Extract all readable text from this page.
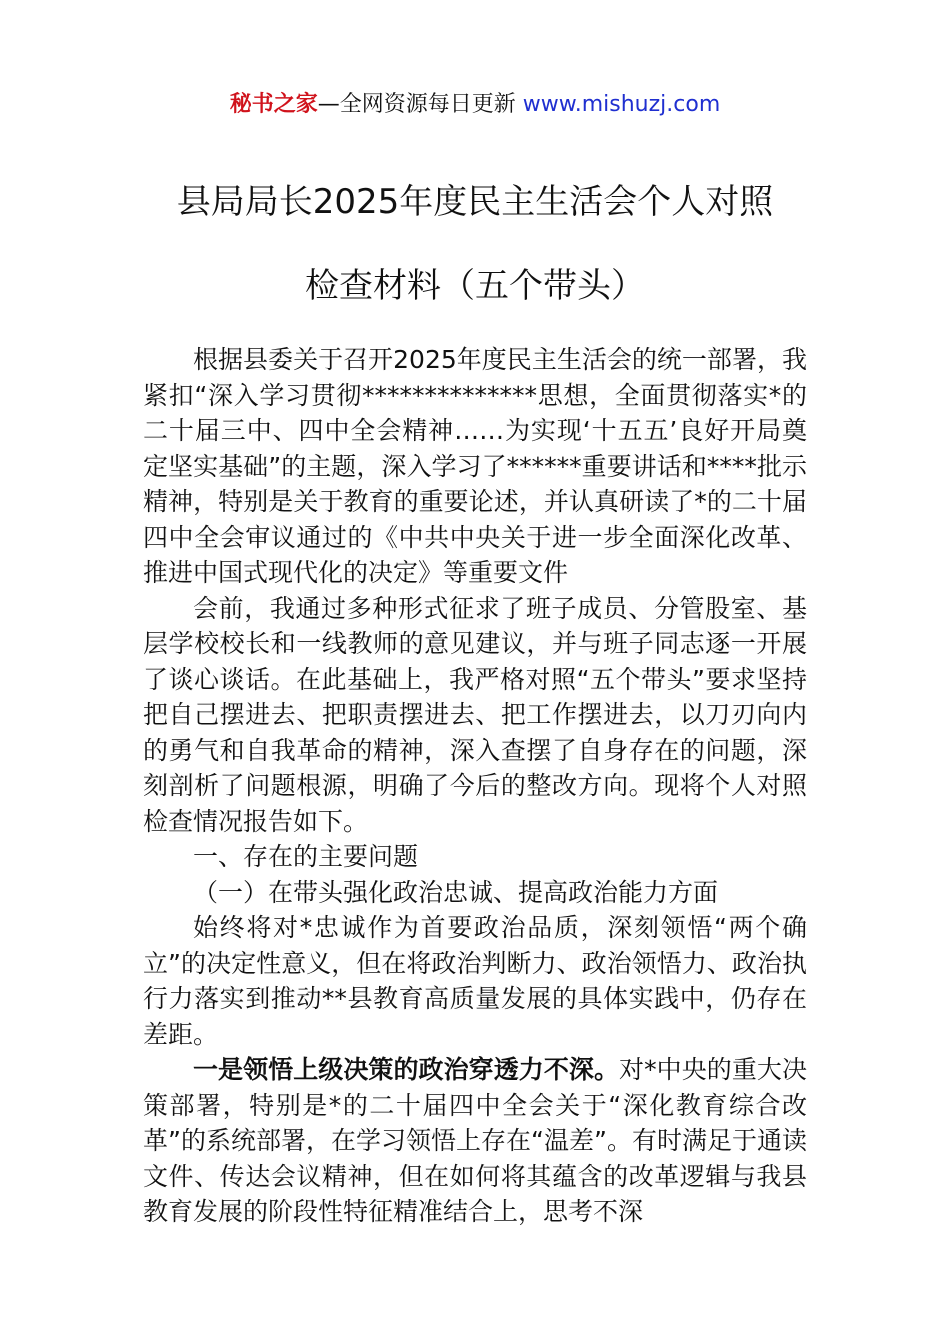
秘书之家—全网资源每日更新 www.mishuzj.com
县局局长2025年度民主生活会个人对照
检查材料（五个带头）

根据县委关于召开2025年度民主生活会的统一部署，我紧扣“深入学习贯彻**************思想，全面贯彻落实*的二十届三中、四中全会精神……为实现‘十五五’良好开局奠定坚实基础”的主题，深入学习了******重要讲话和****批示精神，特别是关于教育的重要论述，并认真研读了*的二十届四中全会审议通过的《中共中央关于进一步全面深化改革、推进中国式现代化的决定》等重要文件

会前，我通过多种形式征求了班子成员、分管股室、基层学校校长和一线教师的意见建议，并与班子同志逐一开展了谈心谈话。在此基础上，我严格对照“五个带头”要求坚持把自己摆进去、把职责摆进去、把工作摆进去，以刀刃向内的勇气和自我革命的精神，深入查摆了自身存在的问题，深刻剖析了问题根源，明确了今后的整改方向。现将个人对照检查情况报告如下。

一、存在的主要问题

（一）在带头强化政治忠诚、提高政治能力方面

始终将对*忠诚作为首要政治品质，深刻领悟“两个确立”的决定性意义，但在将政治判断力、政治领悟力、政治执行力落实到推动**县教育高质量发展的具体实践中，仍存在差距。

一是领悟上级决策的政治穿透力不深。对*中央的重大决策部署，特别是*的二十届四中全会关于“深化教育综合改革”的系统部署，在学习领悟上存在“温差”。有时满足于通读文件、传达会议精神，但在如何将其蕴含的改革逻辑与我县教育发展的阶段性特征精准结合上，思考不深
